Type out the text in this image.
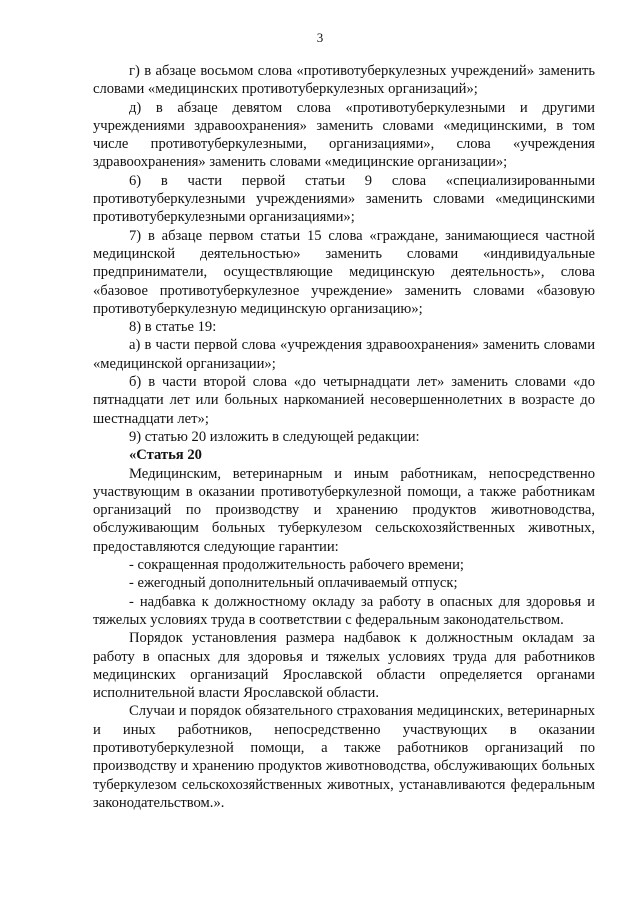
3

г) в абзаце восьмом слова «противотуберкулезных учреждений» заменить словами «медицинских противотуберкулезных организаций»;

д) в абзаце девятом слова «противотуберкулезными и другими учреждениями здравоохранения» заменить словами «медицинскими, в том числе противотуберкулезными, организациями», слова «учреждения здравоохранения» заменить словами «медицинские организации»;

6) в части первой статьи 9 слова «специализированными противотуберкулезными учреждениями» заменить словами «медицинскими противотуберкулезными организациями»;

7) в абзаце первом статьи 15 слова «граждане, занимающиеся частной медицинской деятельностью» заменить словами «индивидуальные предприниматели, осуществляющие медицинскую деятельность», слова «базовое противотуберкулезное учреждение» заменить словами «базовую противотуберкулезную медицинскую организацию»;

8) в статье 19:

а) в части первой слова «учреждения здравоохранения» заменить словами «медицинской организации»;

б) в части второй слова «до четырнадцати лет» заменить словами «до пятнадцати лет или больных наркоманией несовершеннолетних в возрасте до шестнадцати лет»;

9) статью 20 изложить в следующей редакции:

«Статья 20

Медицинским, ветеринарным и иным работникам, непосредственно участвующим в оказании противотуберкулезной помощи, а также работникам организаций по производству и хранению продуктов животноводства, обслуживающим больных туберкулезом сельскохозяйственных животных, предоставляются следующие гарантии:

- сокращенная продолжительность рабочего времени;

- ежегодный дополнительный оплачиваемый отпуск;

- надбавка к должностному окладу за работу в опасных для здоровья и тяжелых условиях труда в соответствии с федеральным законодательством.

Порядок установления размера надбавок к должностным окладам за работу в опасных для здоровья и тяжелых условиях труда для работников медицинских организаций Ярославской области определяется органами исполнительной власти Ярославской области.

Случаи и порядок обязательного страхования медицинских, ветеринарных и иных работников, непосредственно участвующих в оказании противотуберкулезной помощи, а также работников организаций по производству и хранению продуктов животноводства, обслуживающих больных туберкулезом сельскохозяйственных животных, устанавливаются федеральным законодательством.».
